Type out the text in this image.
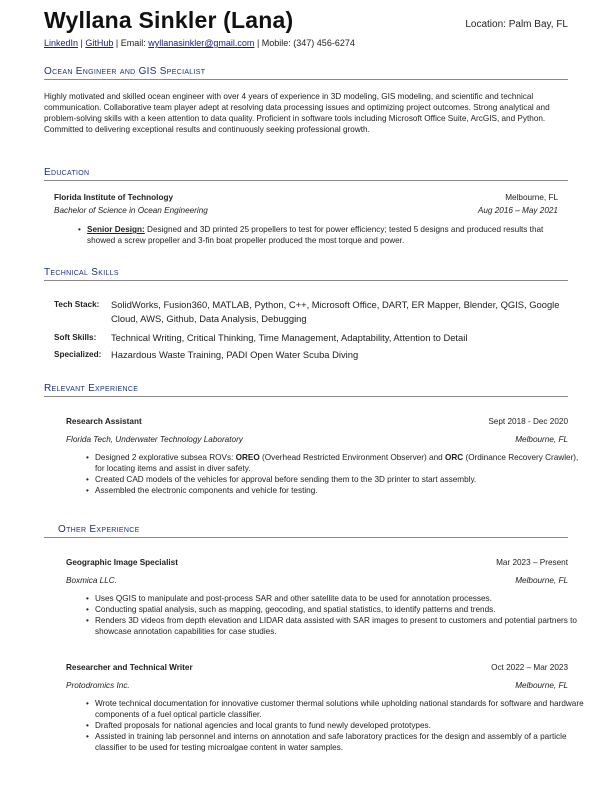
Wyllana Sinkler (Lana)	Location: Palm Bay, FL
LinkedIn | GitHub | Email: wyllanasinkler@gmail.com | Mobile: (347) 456-6274
Ocean Engineer and GIS Specialist
Highly motivated and skilled ocean engineer with over 4 years of experience in 3D modeling, GIS modeling, and scientific and technical communication. Collaborative team player adept at resolving data processing issues and optimizing project outcomes. Strong analytical and problem-solving skills with a keen attention to data quality. Proficient in software tools including Microsoft Office Suite, ArcGIS, and Python. Committed to delivering exceptional results and continuously seeking professional growth.
Education
Florida Institute of Technology	Melbourne, FL
Bachelor of Science in Ocean Engineering	Aug 2016 – May 2021
• Senior Design: Designed and 3D printed 25 propellers to test for power efficiency; tested 5 designs and produced results that showed a screw propeller and 3-fin boat propeller produced the most torque and power.
Technical Skills
Tech Stack: SolidWorks, Fusion360, MATLAB, Python, C++, Microsoft Office, DART, ER Mapper, Blender, QGIS, Google Cloud, AWS, Github, Data Analysis, Debugging
Soft Skills: Technical Writing, Critical Thinking, Time Management, Adaptability, Attention to Detail
Specialized: Hazardous Waste Training, PADI Open Water Scuba Diving
Relevant Experience
Research Assistant	Sept 2018 - Dec 2020
Florida Tech, Underwater Technology Laboratory	Melbourne, FL
• Designed 2 explorative subsea ROVs: OREO (Overhead Restricted Environment Observer) and ORC (Ordinance Recovery Crawler), for locating items and assist in diver safety.
• Created CAD models of the vehicles for approval before sending them to the 3D printer to start assembly.
• Assembled the electronic components and vehicle for testing.
Other Experience
Geographic Image Specialist	Mar 2023 – Present
Boxmica LLC.	Melbourne, FL
• Uses QGIS to manipulate and post-process SAR and other satellite data to be used for annotation processes.
• Conducting spatial analysis, such as mapping, geocoding, and spatial statistics, to identify patterns and trends.
• Renders 3D videos from depth elevation and LIDAR data assisted with SAR images to present to customers and potential partners to showcase annotation capabilities for case studies.
Researcher and Technical Writer	Oct 2022 – Mar 2023
Protodromics Inc.	Melbourne, FL
• Wrote technical documentation for innovative customer thermal solutions while upholding national standards for software and hardware components of a fuel optical particle classifier.
• Drafted proposals for national agencies and local grants to fund newly developed prototypes.
• Assisted in training lab personnel and interns on annotation and safe laboratory practices for the design and assembly of a particle classifier to be used for testing microalgae content in water samples.
